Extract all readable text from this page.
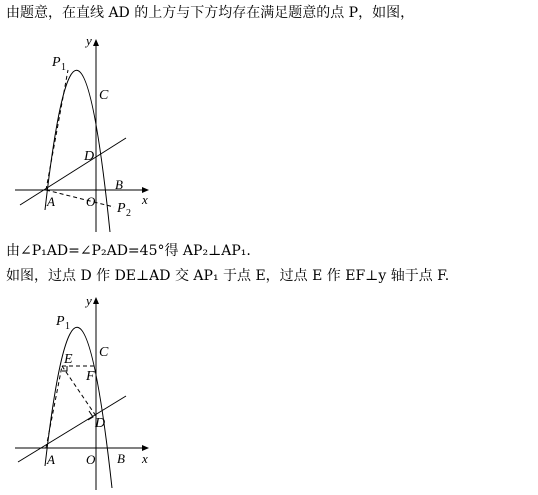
由题意，在直线 AD 的上方与下方均存在满足题意的点 P，如图，
y
x
P 1
C
D
B
A O P 2
由∠P₁AD=∠P₂AD=45°得 AP₂⊥AP₁.
如图，过点 D 作 DE⊥AD 交 AP₁ 于点 E，过点 E 作 EF⊥y 轴于点 F.
y
x
P 1
C
E
F
D
A O B
